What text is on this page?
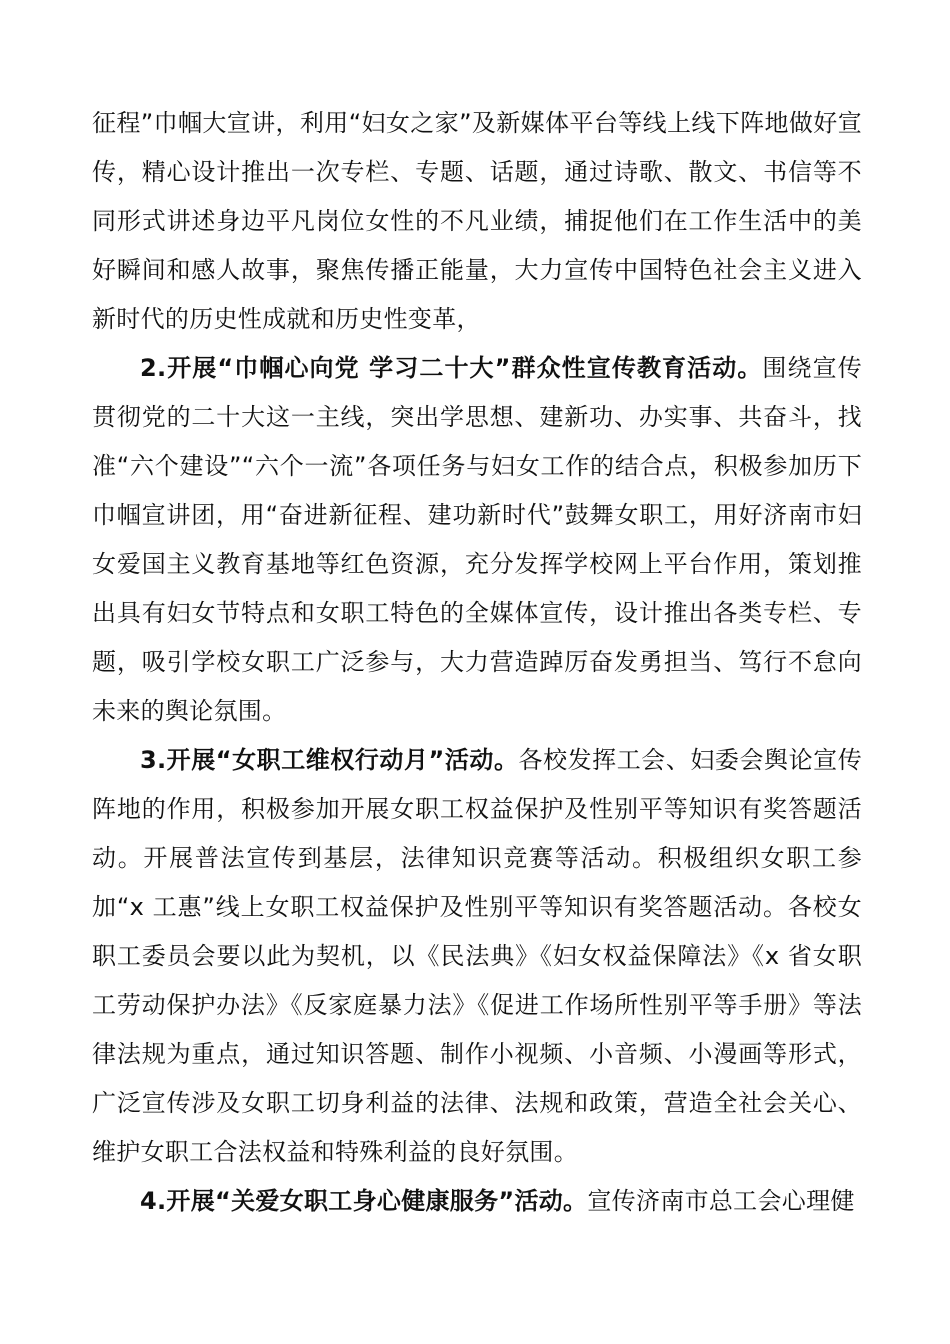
征程”巾帼大宣讲，利用“妇女之家”及新媒体平台等线上线下阵地做好宣传，精心设计推出一次专栏、专题、话题，通过诗歌、散文、书信等不同形式讲述身边平凡岗位女性的不凡业绩，捕捉他们在工作生活中的美好瞬间和感人故事，聚焦传播正能量，大力宣传中国特色社会主义进入新时代的历史性成就和历史性变革，

2.开展“巾帼心向党 学习二十大”群众性宣传教育活动。围绕宣传贯彻党的二十大这一主线，突出学思想、建新功、办实事、共奋斗，找准“六个建设”“六个一流”各项任务与妇女工作的结合点，积极参加历下巾帼宣讲团，用“奋进新征程、建功新时代”鼓舞女职工，用好济南市妇女爱国主义教育基地等红色资源，充分发挥学校网上平台作用，策划推出具有妇女节特点和女职工特色的全媒体宣传，设计推出各类专栏、专题，吸引学校女职工广泛参与，大力营造踔厉奋发勇担当、笃行不怠向未来的舆论氛围。

3.开展“女职工维权行动月”活动。各校发挥工会、妇委会舆论宣传阵地的作用，积极参加开展女职工权益保护及性别平等知识有奖答题活动。开展普法宣传到基层，法律知识竞赛等活动。积极组织女职工参加“x 工惠”线上女职工权益保护及性别平等知识有奖答题活动。各校女职工委员会要以此为契机，以《民法典》《妇女权益保障法》《x 省女职工劳动保护办法》《反家庭暴力法》《促进工作场所性别平等手册》等法律法规为重点，通过知识答题、制作小视频、小音频、小漫画等形式，广泛宣传涉及女职工切身利益的法律、法规和政策，营造全社会关心、维护女职工合法权益和特殊利益的良好氛围。

4.开展“关爱女职工身心健康服务”活动。宣传济南市总工会心理健
